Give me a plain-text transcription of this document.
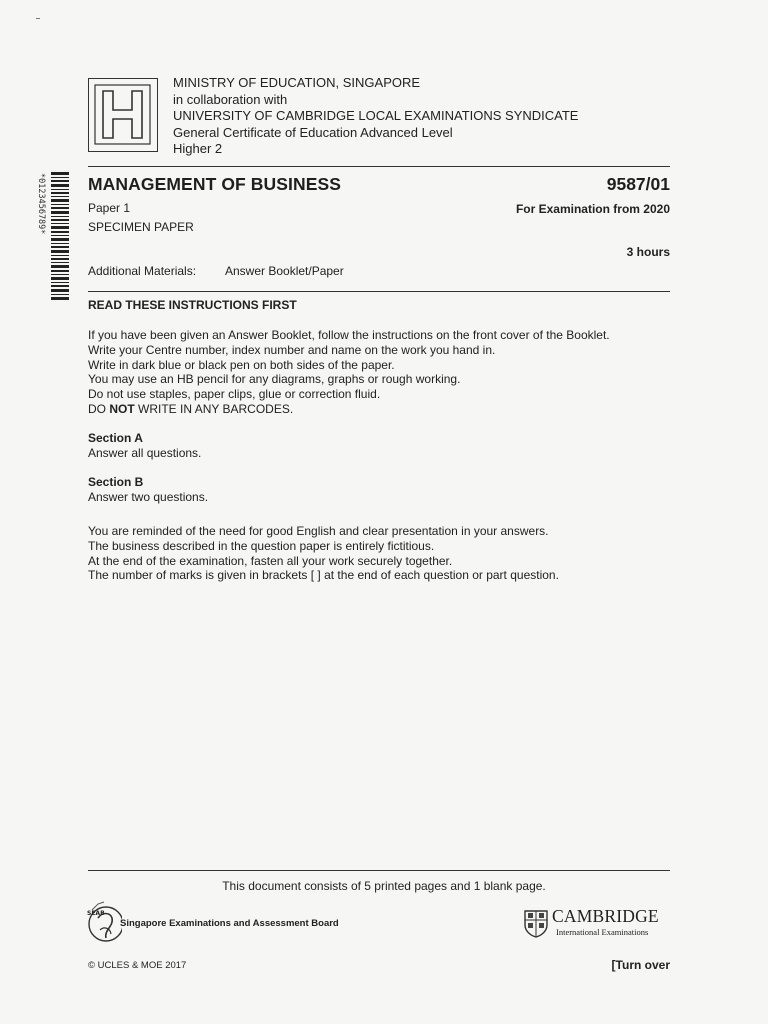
MINISTRY OF EDUCATION, SINGAPORE
in collaboration with
UNIVERSITY OF CAMBRIDGE LOCAL EXAMINATIONS SYNDICATE
General Certificate of Education Advanced Level
Higher 2
*0123456789* MANAGEMENT OF BUSINESS	9587/01
Paper 1	For Examination from 2020
SPECIMEN PAPER
3 hours
Additional Materials: Answer Booklet/Paper
READ THESE INSTRUCTIONS FIRST
If you have been given an Answer Booklet, follow the instructions on the front cover of the Booklet.
Write your Centre number, index number and name on the work you hand in.
Write in dark blue or black pen on both sides of the paper.
You may use an HB pencil for any diagrams, graphs or rough working.
Do not use staples, paper clips, glue or correction fluid.
DO NOT WRITE IN ANY BARCODES.
Section A
Answer all questions.
Section B
Answer two questions.
You are reminded of the need for good English and clear presentation in your answers.
The business described in the question paper is entirely fictitious.
At the end of the examination, fasten all your work securely together.
The number of marks is given in brackets [ ] at the end of each question or part question.
This document consists of 5 printed pages and 1 blank page.
SEAB
Singapore Examinations and Assessment Board	CAMBRIDGE
International Examinations
© UCLES & MOE 2017	[Turn over
